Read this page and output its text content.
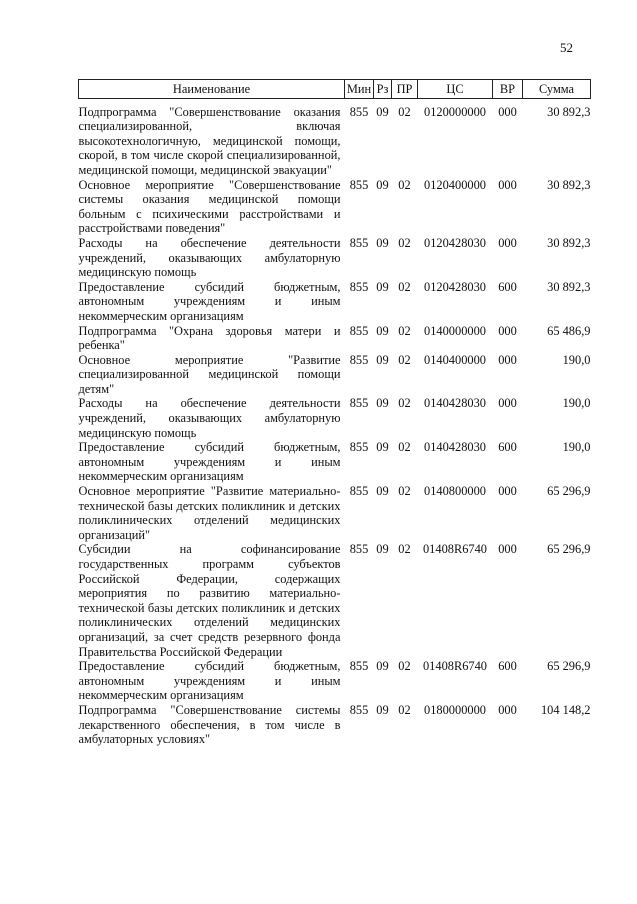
52
Наименование	Мин	Рз	ПР	ЦС	ВР	Сумма
Подпрограмма "Совершенствование оказания специализированной, включая высокотехнологичную, медицинской помощи, скорой, в том числе скорой специализированной, медицинской помощи, медицинской эвакуации"	855	09	02	0120000000	000	30 892,3
Основное мероприятие "Совершенствование системы оказания медицинской помощи больным с психическими расстройствами и расстройствами поведения"	855	09	02	0120400000	000	30 892,3
Расходы на обеспечение деятельности учреждений, оказывающих амбулаторную медицинскую помощь	855	09	02	0120428030	000	30 892,3
Предоставление субсидий бюджетным, автономным учреждениям и иным некоммерческим организациям	855	09	02	0120428030	600	30 892,3
Подпрограмма "Охрана здоровья матери и ребенка"	855	09	02	0140000000	000	65 486,9
Основное мероприятие "Развитие специализированной медицинской помощи детям"	855	09	02	0140400000	000	190,0
Расходы на обеспечение деятельности учреждений, оказывающих амбулаторную медицинскую помощь	855	09	02	0140428030	000	190,0
Предоставление субсидий бюджетным, автономным учреждениям и иным некоммерческим организациям	855	09	02	0140428030	600	190,0
Основное мероприятие "Развитие материально-технической базы детских поликлиник и детских поликлинических отделений медицинских организаций"	855	09	02	0140800000	000	65 296,9
Субсидии на софинансирование государственных программ субъектов Российской Федерации, содержащих мероприятия по развитию материально-технической базы детских поликлиник и детских поликлинических отделений медицинских организаций, за счет средств резервного фонда Правительства Российской Федерации	855	09	02	01408R6740	000	65 296,9
Предоставление субсидий бюджетным, автономным учреждениям и иным некоммерческим организациям	855	09	02	01408R6740	600	65 296,9
Подпрограмма "Совершенствование системы лекарственного обеспечения, в том числе в амбулаторных условиях"	855	09	02	0180000000	000	104 148,2
